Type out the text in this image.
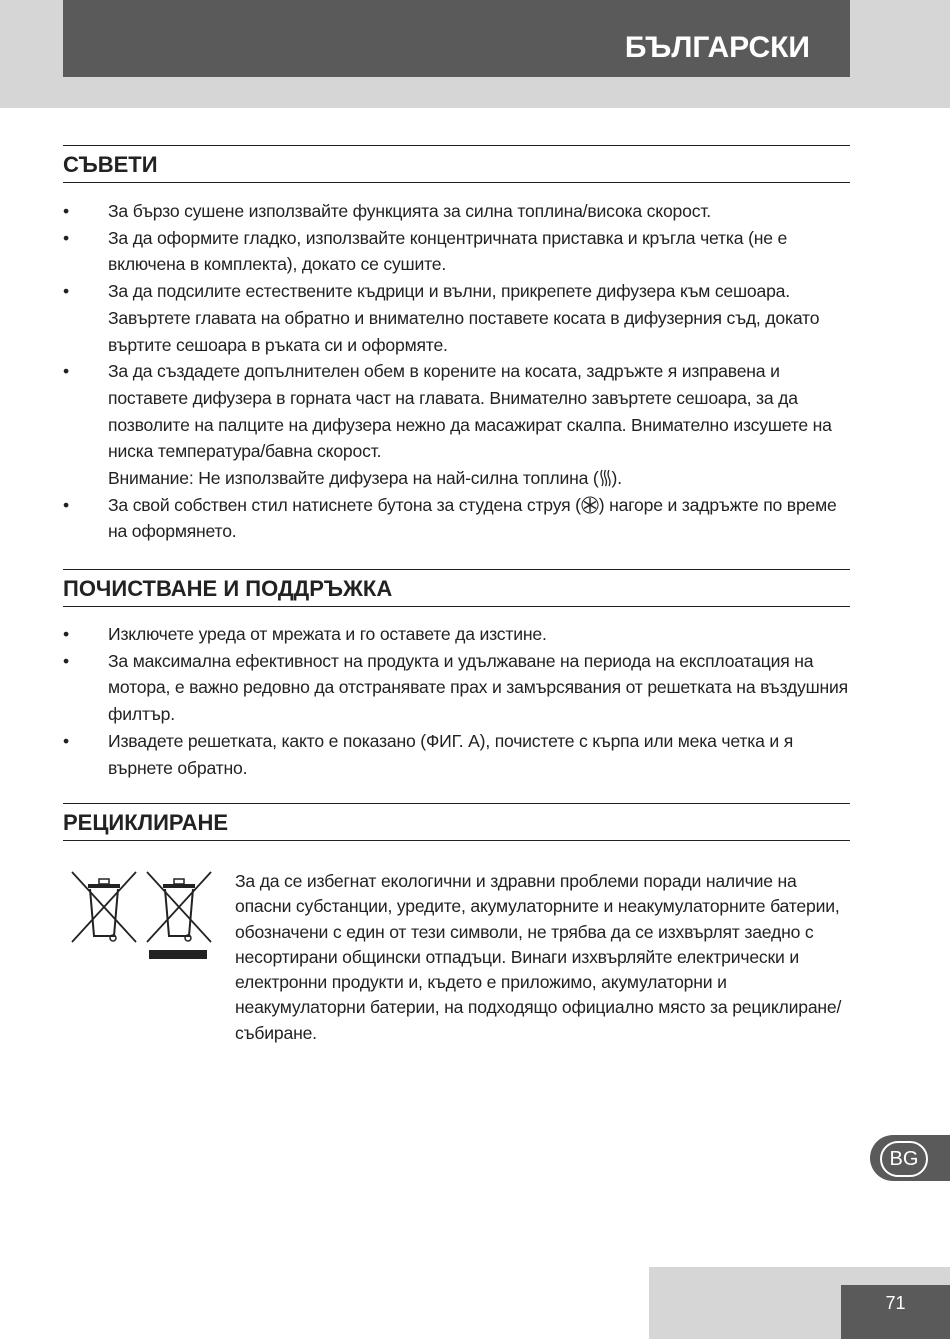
БЪЛГАРСКИ
СЪВЕТИ
• За бързо сушене използвайте функцията за силна топлина/висока скорост.
• За да оформите гладко, използвайте концентричната приставка и кръгла четка (не е включена в комплекта), докато се сушите.
• За да подсилите естествените къдрици и вълни, прикрепете дифузера към сешоара. Завъртете главата на обратно и внимателно поставете косата в дифузерния съд, докато въртите сешоара в ръката си и оформяте.
• За да създадете допълнителен обем в корените на косата, задръжте я изправена и поставете дифузера в горната част на главата. Внимателно завъртете сешоара, за да позволите на палците на дифузера нежно да масажират скалпа. Внимателно изсушете на ниска температура/бавна скорост.
Внимание: Не използвайте дифузера на най-силна топлина ( ).
• За свой собствен стил натиснете бутона за студена струя ( ) нагоре и задръжте по време на оформянето.
ПОЧИСТВАНЕ И ПОДДРЪЖКА
• Изключете уреда от мрежата и го оставете да изстине.
• За максимална ефективност на продукта и удължаване на периода на експлоатация на мотора, е важно редовно да отстранявате прах и замърсявания от решетката на въздушния филтър.
• Извадете решетката, както е показано (ФИГ. А), почистете с кърпа или мека четка и я върнете обратно.
РЕЦИКЛИРАНЕ
За да се избегнат екологични и здравни проблеми поради наличие на опасни субстанции, уредите, акумулаторните и неакумулаторните батерии, обозначени с един от тези символи, не трябва да се изхвърлят заедно с несортирани общински отпадъци. Винаги изхвърляйте електрически и електронни продукти и, където е приложимо, акумулаторни и неакумулаторни батерии, на подходящо официално място за рециклиране/събиране.
BG
71
